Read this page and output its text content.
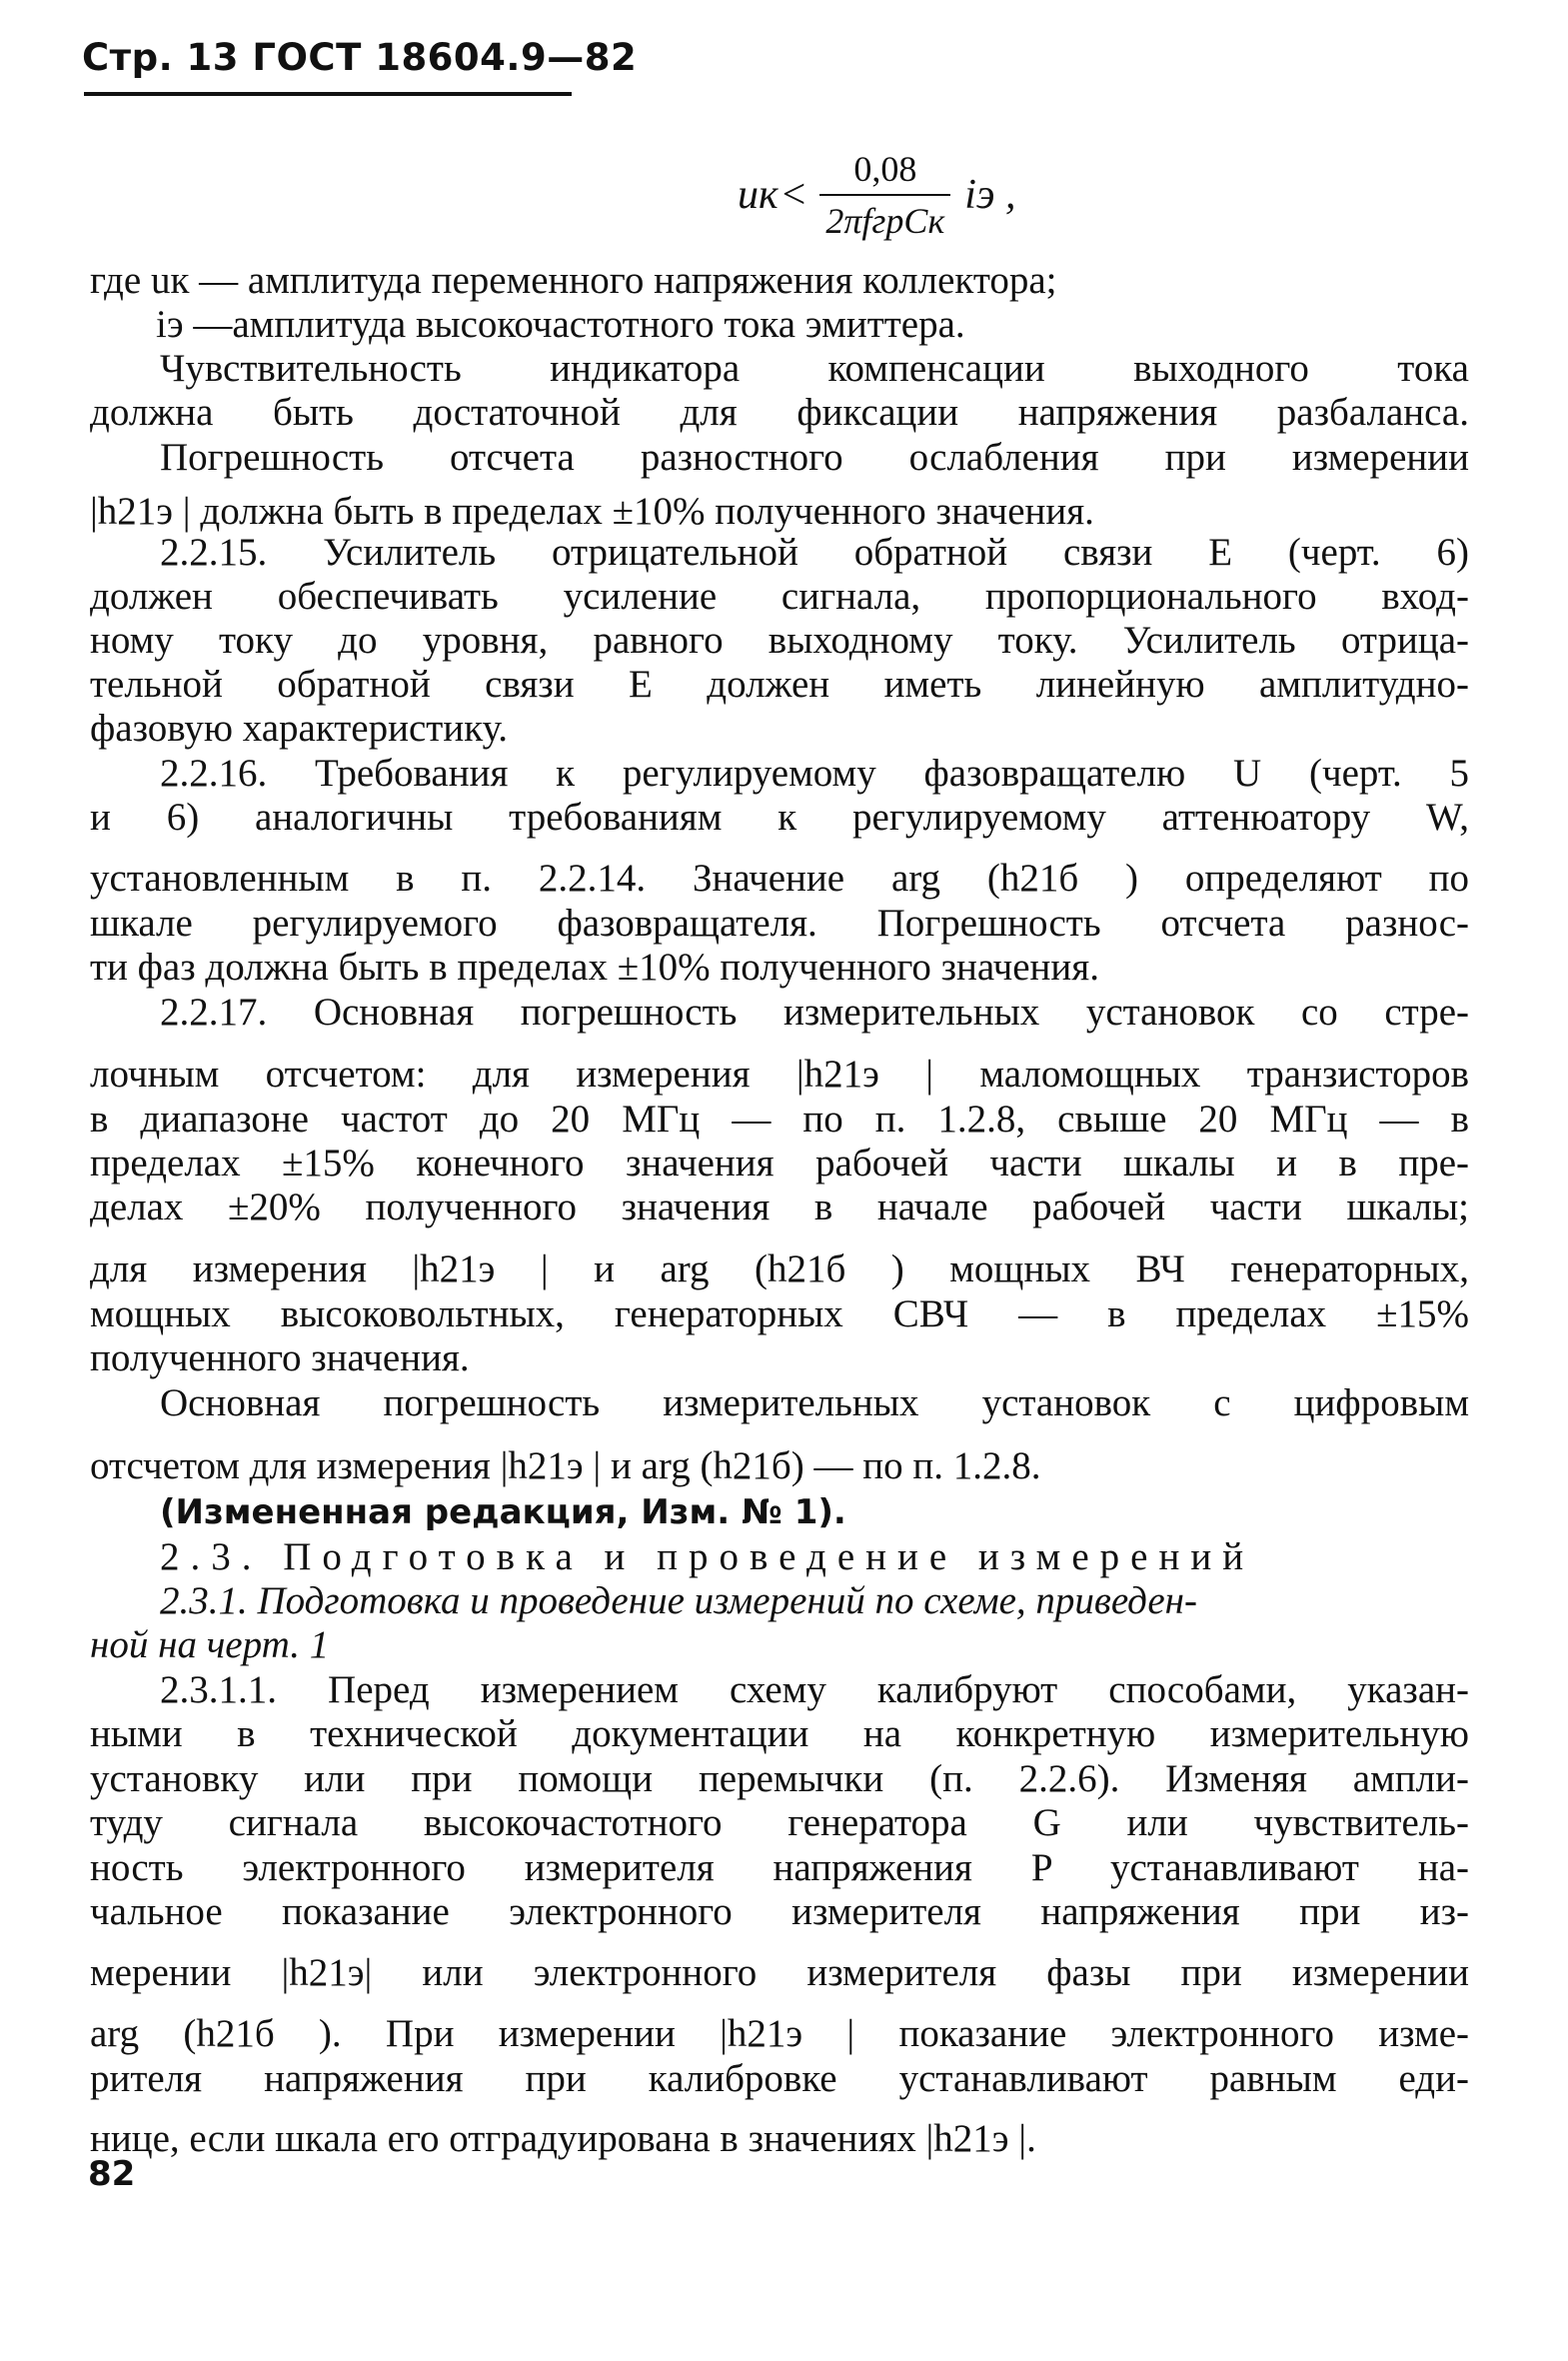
Стр. 13 ГОСТ 18604.9—82
uк < $\frac{0,08}{\text{2πfгрCк}}$ iэ ,
где uк — амплитуда переменного напряжения коллектора;
iэ —амплитуда высокочастотного тока эмиттера.
Чувствительность индикатора компенсации выходного тока
должна быть достаточной для фиксации напряжения разбаланса.
Погрешность отсчета разностного ослабления при измерении
|h21э | должна быть в пределах ±10% полученного значения.
2.2.15. Усилитель отрицательной обратной связи E (черт. 6)
должен обеспечивать усиление сигнала, пропорционального вход-
ному току до уровня, равного выходному току. Усилитель отрица-
тельной обратной связи E должен иметь линейную амплитудно-
фазовую характеристику.
2.2.16. Требования к регулируемому фазовращателю U (черт. 5
и 6) аналогичны требованиям к регулируемому аттенюатору W,
установленным в п. 2.2.14. Значение arg (h21б ) определяют по
шкале регулируемого фазовращателя. Погрешность отсчета разнос-
ти фаз должна быть в пределах ±10% полученного значения.
2.2.17. Основная погрешность измерительных установок со стре-
лочным отсчетом: для измерения |h21э | маломощных транзисторов
в диапазоне частот до 20 МГц — по п. 1.2.8, свыше 20 МГц — в
пределах ±15% конечного значения рабочей части шкалы и в пре-
делах ±20% полученного значения в начале рабочей части шкалы;
для измерения |h21э | и arg (h21б ) мощных ВЧ генераторных,
мощных высоковольтных, генераторных СВЧ — в пределах ±15%
полученного значения.
Основная погрешность измерительных установок с цифровым
отсчетом для измерения |h21э | и arg (h21б) — по п. 1.2.8.
(Измененная редакция, Изм. № 1).
2.3. Подготовка и проведение измерений
2.3.1. Подготовка и проведение измерений по схеме, приведен-
ной на черт. 1
2.3.1.1. Перед измерением схему калибруют способами, указан-
ными в технической документации на конкретную измерительную
установку или при помощи перемычки (п. 2.2.6). Изменяя ампли-
туду сигнала высокочастотного генератора G или чувствитель-
ность электронного измерителя напряжения P устанавливают на-
чальное показание электронного измерителя напряжения при из-
мерении |h21э| или электронного измерителя фазы при измерении
arg (h21б ). При измерении |h21э | показание электронного изме-
рителя напряжения при калибровке устанавливают равным еди-
нице, если шкала его отградуирована в значениях |h21э |.
82
